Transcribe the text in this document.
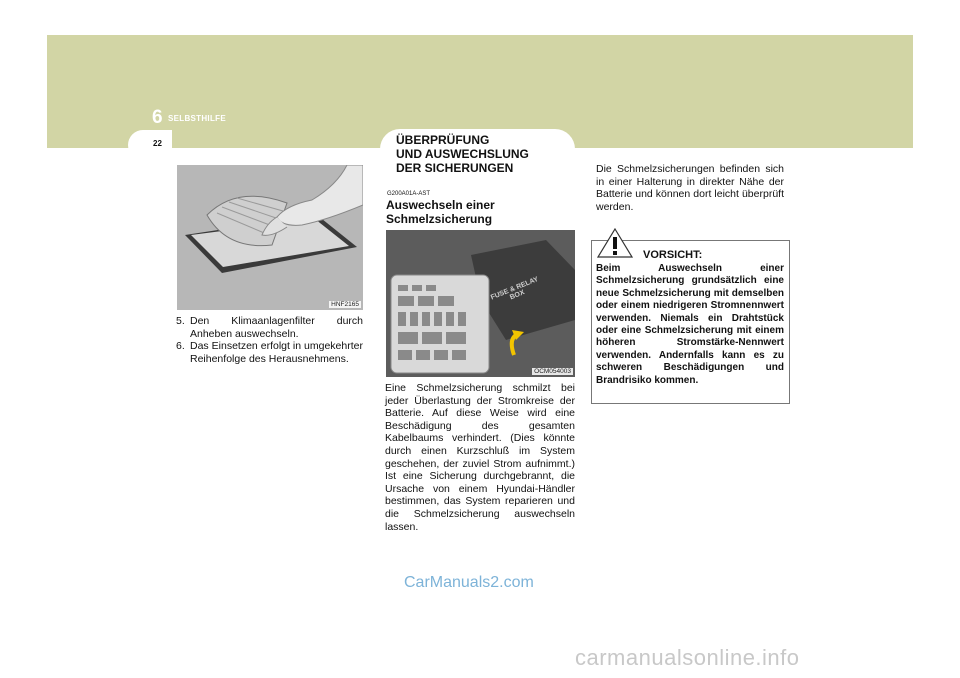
6 SELBSTHILFE
22	ÜBERPRÜFUNG
UND AUSWECHSLUNG
DER SICHERUNGEN
HNF2165
5. Den Klimaanlagenfilter durch Anheben auswechseln.
6. Das Einsetzen erfolgt in umgekehrter Reihenfolge des Herausnehmens.
G200A01A-AST
Auswechseln einer Schmelzsicherung
FUSE & RELAY BOX
OCM054003
Eine Schmelzsicherung schmilzt bei jeder Überlastung der Stromkreise der Batterie. Auf diese Weise wird eine Beschädigung des gesamten Kabelbaums verhindert. (Dies könnte durch einen Kurzschluß im System geschehen, der zuviel Strom aufnimmt.) Ist eine Sicherung durchgebrannt, die Ursache von einem Hyundai-Händler bestimmen, das System reparieren und die Schmelzsicherung auswechseln lassen.
Die Schmelzsicherungen befinden sich in einer Halterung in direkter Nähe der Batterie und können dort leicht überprüft werden.
VORSICHT:
Beim Auswechseln einer Schmelzsicherung grundsätzlich eine neue Schmelzsicherung mit demselben oder einem niedrigeren Stromnennwert verwenden. Niemals ein Drahtstück oder eine Schmelzsicherung mit einem höheren Stromstärke-Nennwert verwenden. Andernfalls kann es zu schweren Beschädigungen und Brandrisiko kommen.
CarManuals2.com
carmanualsonline.info
